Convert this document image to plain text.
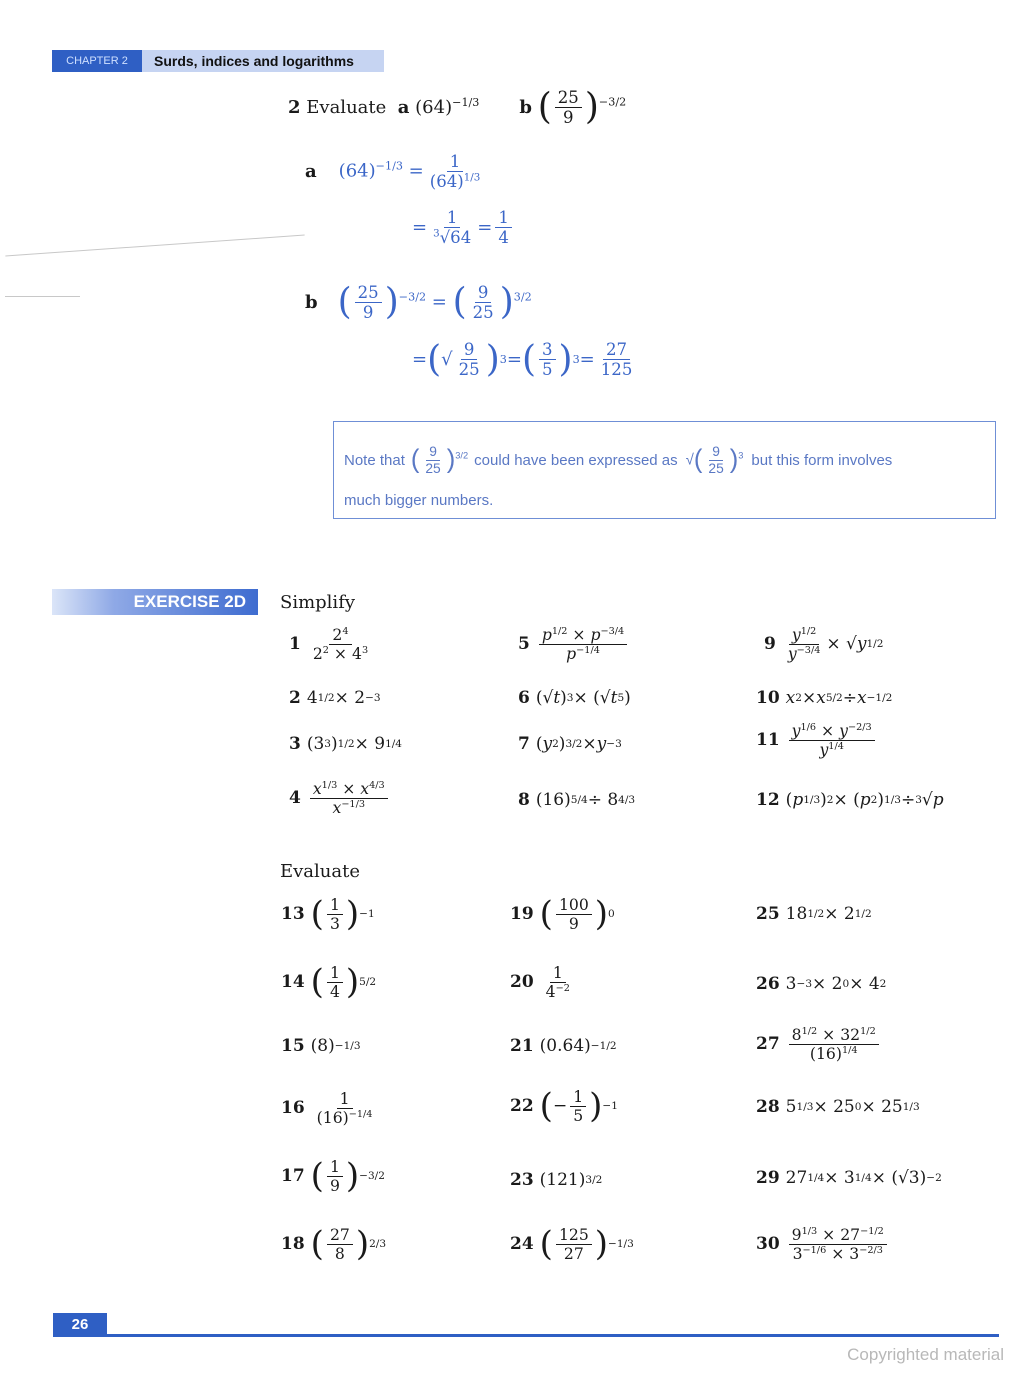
CHAPTER 2	Surds, indices and logarithms
2
Evaluate
a
$(64)^{-1/3}$ b
( $\frac{25}{9} )^{-3/2}$
a $(64)^{-1/3} = \frac{1}{(64)^{1/3}}$
= $\frac{1}{^3√64} = \frac{1}{4}$
b ( $\frac{25}{9} )^{-3/2}$ = ( $\frac{9}{25} )^{3/2}$
= ( √ $\frac{9}{25}$ ) 3 = ( $\frac{3}{5}$ ) $3 = \frac{27}{125}$
Note that ( $\frac{9}{25} )^{3/2}$ could have been expressed as √( $\frac{9}{25} )^3$ but this form involves
much bigger numbers.
EXERCISE 2D	Simplify
$1 \frac{2^4}{2^2 \times 4^3}$
2 4 1/2 × 2 −3
3 (3 3 ) 1/2 × 9 1/4
$4 \frac{x^{1/3} \times x^{4/3}}{x^{-1/3}}$
$5 \frac{p^{1/2} \times p^{-3/4}}{p^{-1/4}}$
6 (√ t ) 3 × (√ t 5 )
7 ( y 2 ) 3/2 × y −3
8 (16) 5/4 ÷ 8 4/3
$9 \frac{y^{1/2}}{y^{-3/4}}$ × √ y 1/2
10 x 2 × x 5/2 ÷ x −1/2
$11 \frac{y^{1/6} \times y^{-2/3}}{y^{1/4}}$
12 ( p 1/3 ) 2 × ( p 2 ) 1/3 ÷ 3 √ p
Evaluate
13 ( $\frac{1}{3}$ ) −1
14 ( $\frac{1}{4}$ ) 5/2
15 (8) −1/3
$16 \frac{1}{(16)^{-1/4}}$
17 ( $\frac{1}{9}$ ) −3/2
18 ( $\frac{27}{8}$ ) 2/3
19 ( $\frac{100}{9}$ ) 0
$20 \frac{1}{4^{-2}}$
21 (0.64) −1/2
22 ( − $\frac{1}{5}$ ) −1
23 (121) 3/2
24 ( $\frac{125}{27}$ ) −1/3
25 18 1/2 × 2 1/2
26 3 −3 × 2 0 × 4 2
$27 \frac{8^{1/2} \times 32^{1/2}}{(16)^{1/4}}$
28 5 1/3 × 25 0 × 25 1/3
29 27 1/4 × 3 1/4 × (√3) −2
$30 \frac{9^{1/3} \times 27^{-1/2}}{3^{-1/6} \times 3^{-2/3}}$
26
Copyrighted material
